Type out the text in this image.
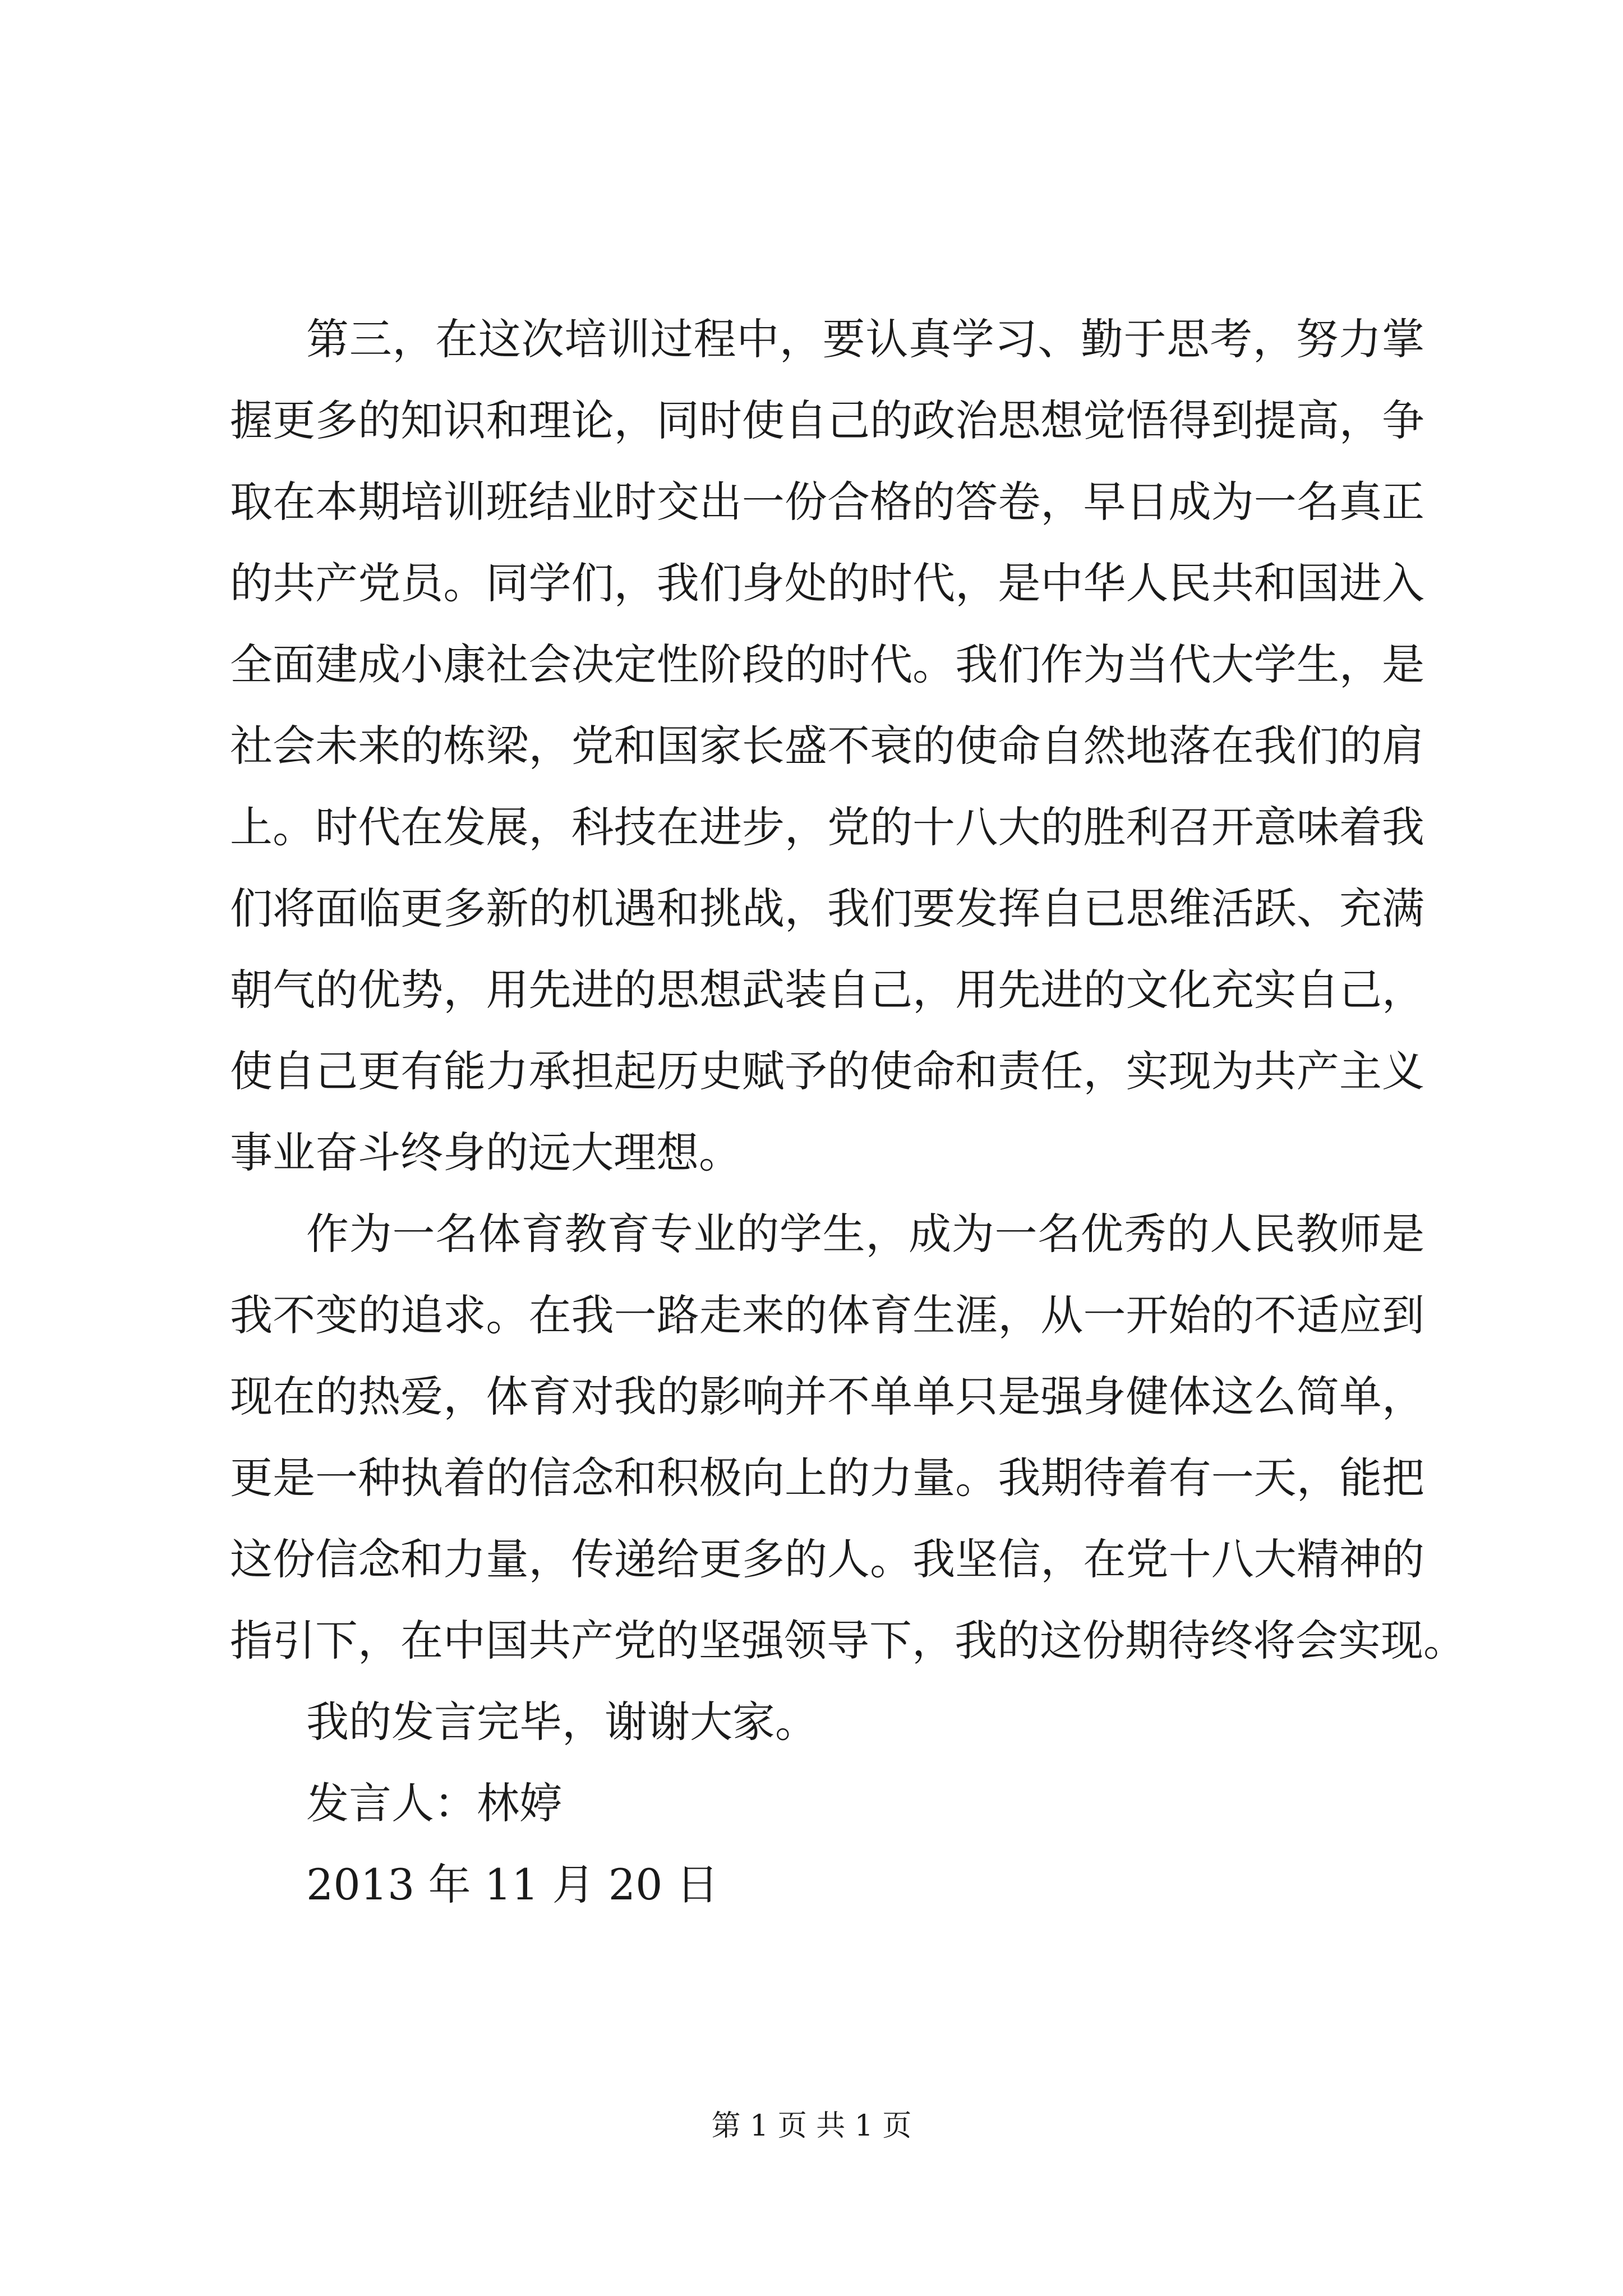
第三，在这次培训过程中，要认真学习、勤于思考，努力掌
握更多的知识和理论，同时使自己的政治思想觉悟得到提高，争
取在本期培训班结业时交出一份合格的答卷，早日成为一名真正
的共产党员。同学们，我们身处的时代，是中华人民共和国进入
全面建成小康社会决定性阶段的时代。我们作为当代大学生，是
社会未来的栋梁，党和国家长盛不衰的使命自然地落在我们的肩
上。时代在发展，科技在进步，党的十八大的胜利召开意味着我
们将面临更多新的机遇和挑战，我们要发挥自已思维活跃、充满
朝气的优势，用先进的思想武装自己，用先进的文化充实自己，
使自己更有能力承担起历史赋予的使命和责任，实现为共产主义
事业奋斗终身的远大理想。
作为一名体育教育专业的学生，成为一名优秀的人民教师是
我不变的追求。在我一路走来的体育生涯，从一开始的不适应到
现在的热爱，体育对我的影响并不单单只是强身健体这么简单，
更是一种执着的信念和积极向上的力量。我期待着有一天，能把
这份信念和力量，传递给更多的人。我坚信，在党十八大精神的
指引下，在中国共产党的坚强领导下，我的这份期待终将会实现。
我的发言完毕，谢谢大家。
发言人：林婷
2013 年 11 月 20 日
第 1 页 共 1 页
